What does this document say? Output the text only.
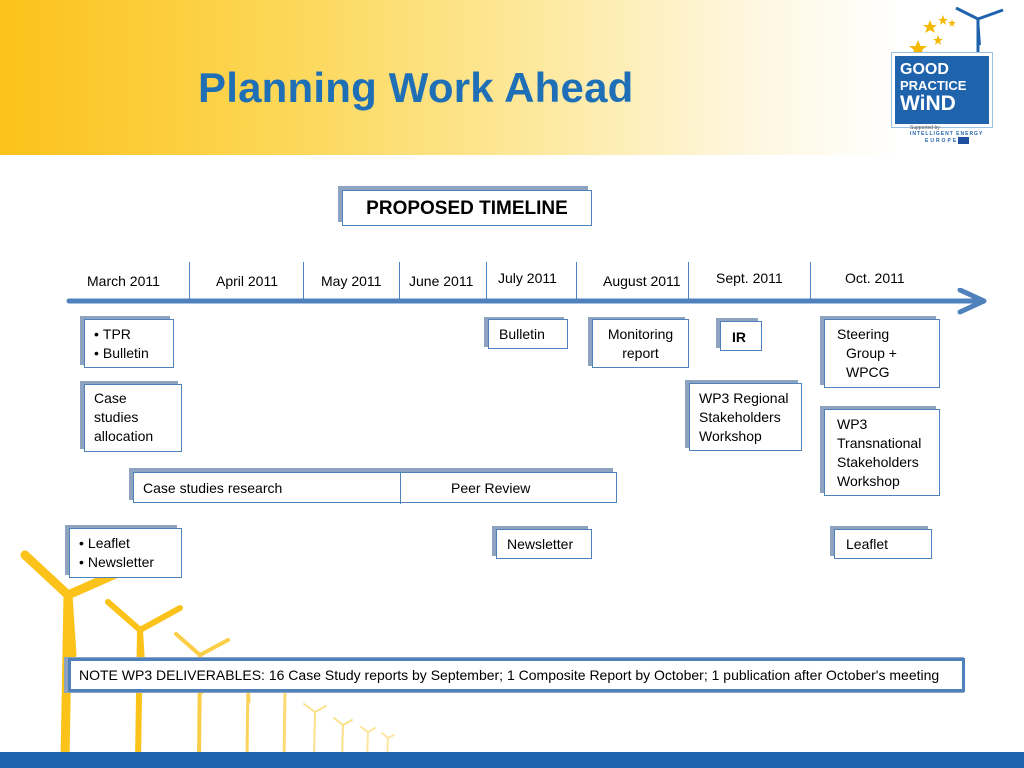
Planning Work Ahead	GOOD
PRACTICE
WiND
Supported by
INTELLIGENT ENERGY
EUROPE
PROPOSED TIMELINE
March 2011	April 2011	May 2011 June 2011 July 2011	August 2011	Sept. 2011	Oct. 2011
• TPR
• Bulletin
Case
studies
allocation
Case studies research	Peer Review
• Leaflet
• Newsletter
Bulletin
Newsletter
Monitoring
report
IR
WP3 Regional
Stakeholders
Workshop
Steering
Group +
WPCG
WP3
Transnational
Stakeholders
Workshop
Leaflet
NOTE WP3 DELIVERABLES: 16 Case Study reports by September; 1 Composite Report by October; 1 publication after October's meeting
